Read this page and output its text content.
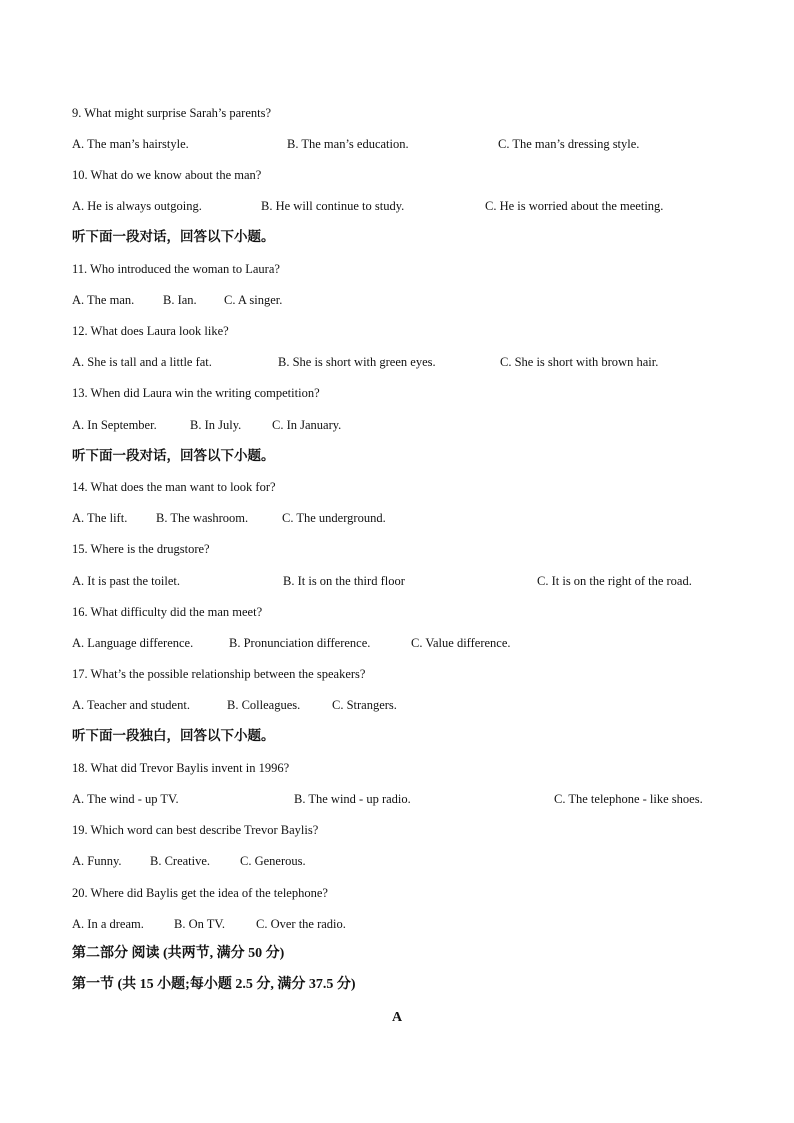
9. What might surprise Sarah’s parents?
A. The man’s hairstyle.	B. The man’s education.	C. The man’s dressing style.
10. What do we know about the man?
A. He is always outgoing.	B. He will continue to study.	C. He is worried about the meeting.
听下面一段对话，回答以下小题。
11. Who introduced the woman to Laura?
A. The man. B. Ian. C. A singer.
12. What does Laura look like?
A. She is tall and a little fat.	B. She is short with green eyes.	C. She is short with brown hair.
13. When did Laura win the writing competition?
A. In September.	B. In July. C. In January.
听下面一段对话，回答以下小题。
14. What does the man want to look for?
A. The lift. B. The washroom.	C. The underground.
15. Where is the drugstore?
A. It is past the toilet.	B. It is on the third floor	C. It is on the right of the road.
16. What difficulty did the man meet?
A. Language difference.	B. Pronunciation difference.	C. Value difference.
17. What’s the possible relationship between the speakers?
A. Teacher and student.	B. Colleagues.	C. Strangers.
听下面一段独白，回答以下小题。
18. What did Trevor Baylis invent in 1996?
A. The wind - up TV.	B. The wind - up radio.	C. The telephone - like shoes.
19. Which word can best describe Trevor Baylis?
A. Funny. B. Creative. C. Generous.
20. Where did Baylis get the idea of the telephone?
A. In a dream. B. On TV. C. Over the radio.
第二部分 阅读 (共两节, 满分 50 分)
第一节 (共 15 小题;每小题 2.5 分, 满分 37.5 分)
A
